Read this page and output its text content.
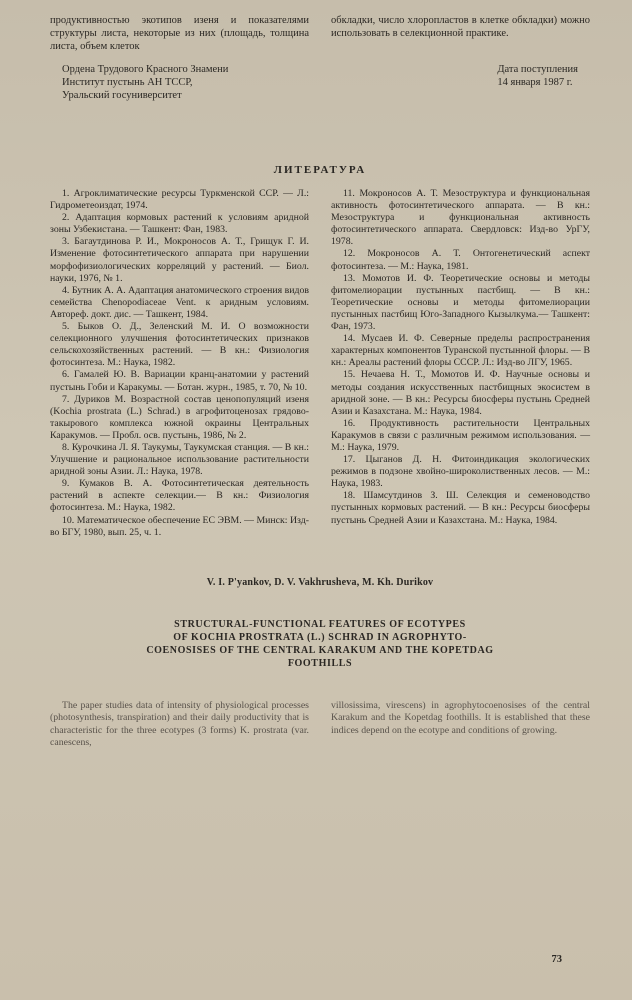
продуктивностью экотипов изеня и показателями структуры листа, некоторые из них (площадь, толщина листа, объем клеток
обкладки, число хлоропластов в клетке обкладки) можно использовать в селекционной практике.
Ордена Трудового Красного Знамени
Институт пустынь АН ТССР,
Уральский госуниверситет
Дата поступления
14 января 1987 г.
ЛИТЕРАТУРА

1. Агроклиматические ресурсы Туркменской ССР. — Л.: Гидрометеоиздат, 1974.

2. Адаптация кормовых растений к условиям аридной зоны Узбекистана. — Ташкент: Фан, 1983.

3. Багаутдинова Р. И., Мокроносов А. Т., Грищук Г. И. Изменение фотосинтетического аппарата при нарушении морфофизиологических корреляций у растений. — Биол. науки, 1976, № 1.

4. Бутник А. А. Адаптация анатомического строения видов семейства Chenopodiaceae Vent. к аридным условиям. Автореф. докт. дис. — Ташкент, 1984.

5. Быков О. Д., Зеленский М. И. О возможности селекционного улучшения фотосинтетических признаков сельскохозяйственных растений. — В кн.: Физиология фотосинтеза. М.: Наука, 1982.

6. Гамалей Ю. В. Вариации кранц-анатомии у растений пустынь Гоби и Каракумы. — Ботан. журн., 1985, т. 70, № 10.

7. Дуриков М. Возрастной состав ценопопуляций изеня (Kochia prostrata (L.) Schrad.) в агрофитоценозах грядово-такырового комплекса южной окраины Центральных Каракумов. — Пробл. осв. пустынь, 1986, № 2.

8. Курочкина Л. Я. Таукумы, Таукумская станция. — В кн.: Улучшение и рациональное использование растительности аридной зоны Азии. Л.: Наука, 1978.

9. Кумаков В. А. Фотосинтетическая деятельность растений в аспекте селекции.— В кн.: Физиология фотосинтеза. М.: Наука, 1982.

10. Математическое обеспечение ЕС ЭВМ. — Минск: Изд-во БГУ, 1980, вып. 25, ч. 1.

11. Мокроносов А. Т. Мезоструктура и функциональная активность фотосинтетического аппарата. — В кн.: Мезоструктура и функциональная активность фотосинтетического аппарата. Свердловск: Изд-во УрГУ, 1978.

12. Мокроносов А. Т. Онтогенетический аспект фотосинтеза. — М.: Наука, 1981.

13. Момотов И. Ф. Теоретические основы и методы фитомелиорации пустынных пастбищ. — В кн.: Теоретические основы и методы фитомелиорации пустынных пастбищ Юго-Западного Кызылкума.— Ташкент: Фан, 1973.

14. Мусаев И. Ф. Северные пределы распространения характерных компонентов Туранской пустынной флоры. — В кн.: Ареалы растений флоры СССР. Л.: Изд-во ЛГУ, 1965.

15. Нечаева Н. Т., Момотов И. Ф. Научные основы и методы создания искусственных пастбищных экосистем в аридной зоне. — В кн.: Ресурсы биосферы пустынь Средней Азии и Казахстана. М.: Наука, 1984.

16. Продуктивность растительности Центральных Каракумов в связи с различным режимом использования. — М.: Наука, 1979.

17. Цыганов Д. Н. Фитоиндикация экологических режимов в подзоне хвойно-широколиственных лесов. — М.: Наука, 1983.

18. Шамсутдинов З. Ш. Селекция и семеноводство пустынных кормовых растений. — В кн.: Ресурсы биосферы пустынь Средней Азии и Казахстана. М.: Наука, 1984.

V. I. P'yankov, D. V. Vakhrusheva, M. Kh. Durikov
STRUCTURAL-FUNCTIONAL FEATURES OF ECOTYPES
OF KOCHIA PROSTRATA (L.) SCHRAD IN AGROPHYTO-
COENOSISES OF THE CENTRAL KARAKUM AND THE KOPETDAG
FOOTHILLS
The paper studies data of intensity of physiological processes (photosynthesis, transpiration) and their daily productivity that is characteristic for the three ecotypes (3 forms) K. prostrata (var. canescens,
villosissima, virescens) in agrophytocoenosises of the central Karakum and the Kopetdag foothills. It is established that these indices depend on the ecotype and conditions of growing.
73
